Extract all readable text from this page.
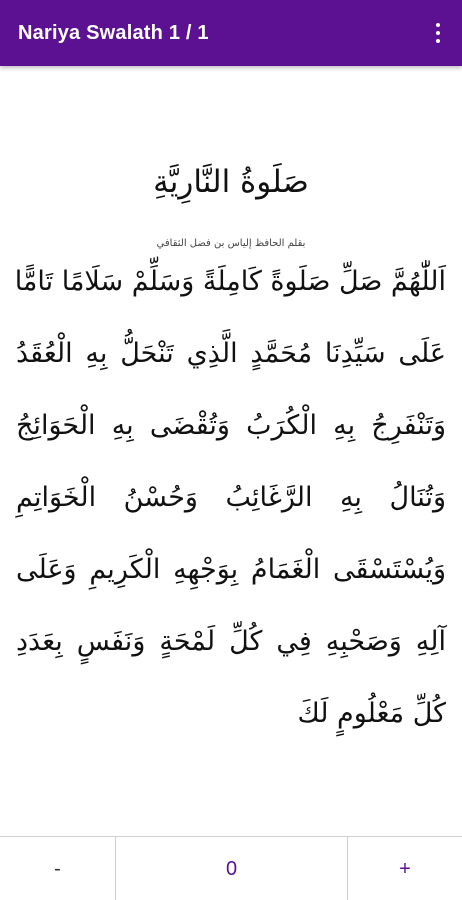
Nariya Swalath 1 / 1
صَلَوةُ النَّارِيَّةِ
بقلم الحافظ إلياس بن فضل الثقافي
اَللّٰهُمَّ صَلِّ صَلَوةً كَامِلَةً وَسَلِّمْ سَلَامًا تَامًّا
عَلَى سَيِّدِنَا مُحَمَّدٍ الَّذِي تَنْحَلُّ بِهِ الْعُقَدُ
وَتَنْفَرِجُ بِهِ الْكُرَبُ وَتُقْضَى بِهِ الْحَوَائِجُ
وَتُنَالُ بِهِ الرَّغَائِبُ وَحُسْنُ الْخَوَاتِمِ
وَيُسْتَسْقَى الْغَمَامُ بِوَجْهِهِ الْكَرِيمِ وَعَلَى
آلِهِ وَصَحْبِهِ فِي كُلِّ لَمْحَةٍ وَنَفَسٍ بِعَدَدِ
كُلِّ مَعْلُومٍ لَكَ
-	0	+
